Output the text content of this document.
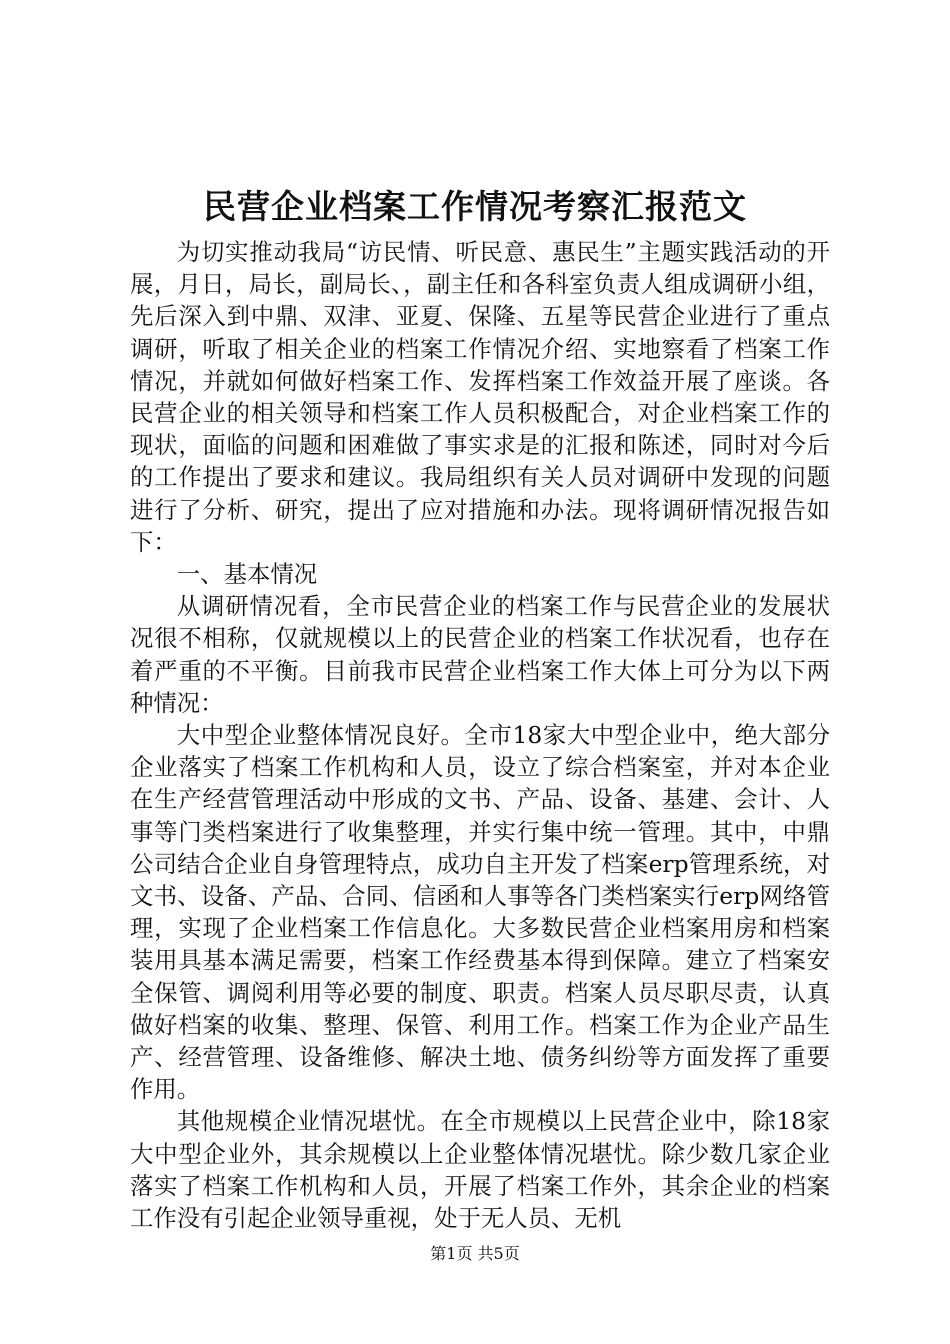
民营企业档案工作情况考察汇报范文

为切实推动我局“访民情、听民意、惠民生”主题实践活动的开展，月日，局长，副局长、，副主任和各科室负责人组成调研小组，先后深入到中鼎、双津、亚夏、保隆、五星等民营企业进行了重点调研，听取了相关企业的档案工作情况介绍、实地察看了档案工作情况，并就如何做好档案工作、发挥档案工作效益开展了座谈。各民营企业的相关领导和档案工作人员积极配合，对企业档案工作的现状，面临的问题和困难做了事实求是的汇报和陈述，同时对今后的工作提出了要求和建议。我局组织有关人员对调研中发现的问题进行了分析、研究，提出了应对措施和办法。现将调研情况报告如下：

一、基本情况

从调研情况看，全市民营企业的档案工作与民营企业的发展状况很不相称，仅就规模以上的民营企业的档案工作状况看，也存在着严重的不平衡。目前我市民营企业档案工作大体上可分为以下两种情况：

大中型企业整体情况良好。全市18家大中型企业中，绝大部分企业落实了档案工作机构和人员，设立了综合档案室，并对本企业在生产经营管理活动中形成的文书、产品、设备、基建、会计、人事等门类档案进行了收集整理，并实行集中统一管理。其中，中鼎公司结合企业自身管理特点，成功自主开发了档案erp管理系统，对文书、设备、产品、合同、信函和人事等各门类档案实行erp网络管理，实现了企业档案工作信息化。大多数民营企业档案用房和档案装用具基本满足需要，档案工作经费基本得到保障。建立了档案安全保管、调阅利用等必要的制度、职责。档案人员尽职尽责，认真做好档案的收集、整理、保管、利用工作。档案工作为企业产品生产、经营管理、设备维修、解决土地、债务纠纷等方面发挥了重要作用。

其他规模企业情况堪忧。在全市规模以上民营企业中，除18家大中型企业外，其余规模以上企业整体情况堪忧。除少数几家企业落实了档案工作机构和人员，开展了档案工作外，其余企业的档案工作没有引起企业领导重视，处于无人员、无机

第1页 共5页
